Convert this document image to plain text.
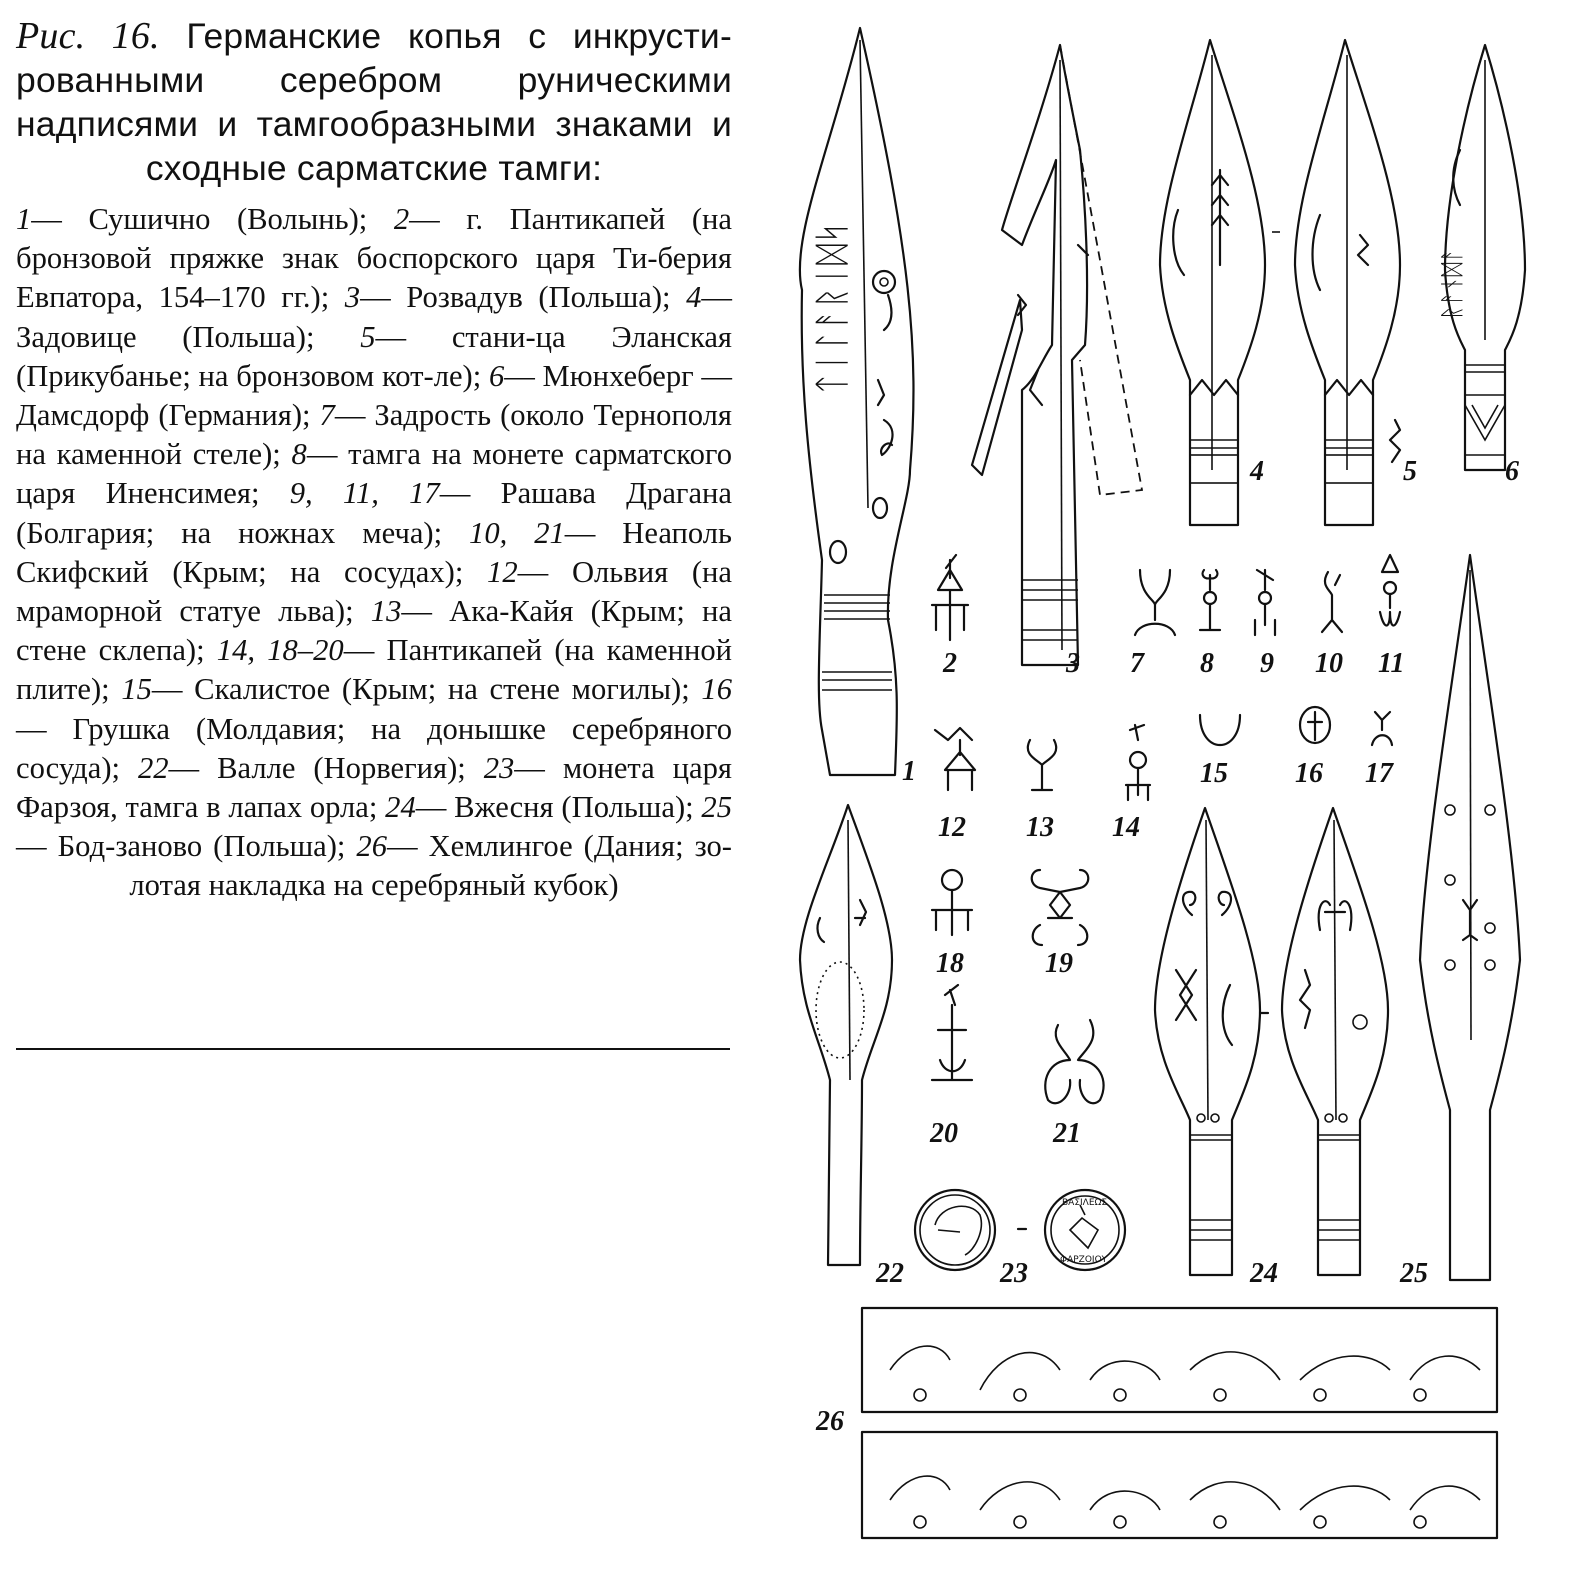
Рис. 16. Германские копья с инкрусти-рованными серебром руническими надписями и тамгообразными знаками и сходные сарматские тамги:
1— Сушично (Волынь); 2— г. Пантикапей (на бронзовой пряжке знак боспорского царя Ти-берия Евпатора, 154–170 гг.); 3— Розвадув (Польша); 4— Задовице (Польша); 5— стани-ца Эланская (Прикубанье; на бронзовом кот-ле); 6— Мюнхеберг — Дамсдорф (Германия); 7— Задрость (около Тернополя на каменной стеле); 8— тамга на монете сарматского царя Иненсимея; 9, 11, 17— Рашава Драгана (Болгария; на ножнах меча); 10, 21— Неаполь Скифский (Крым; на сосудах); 12— Ольвия (на мраморной статуе льва); 13— Ака-Кайя (Крым; на стене склепа); 14, 18–20— Пантикапей (на каменной плите); 15— Скалистое (Крым; на стене могилы); 16— Грушка (Молдавия; на донышке серебряного сосуда); 22— Валле (Норвегия); 23— монета царя Фарзоя, тамга в лапах орла; 24— Вжесня (Польша); 25— Бод-заново (Польша); 26— Хемлингое (Дания; зо-лотая накладка на серебряный кубок)
ᛏᛁᛚᚨᚱᛁᛞᛋ	ᚱᚨᚾᛞᚨ
ΒΑΣΙΛΕΩΣ
ΦΑΡΖΟΙΟΥ
1
2	3
4	5	6
7 8 9 10 11
12 13 14
15 16 17
18	19
20	21
22	23	24	25
26
